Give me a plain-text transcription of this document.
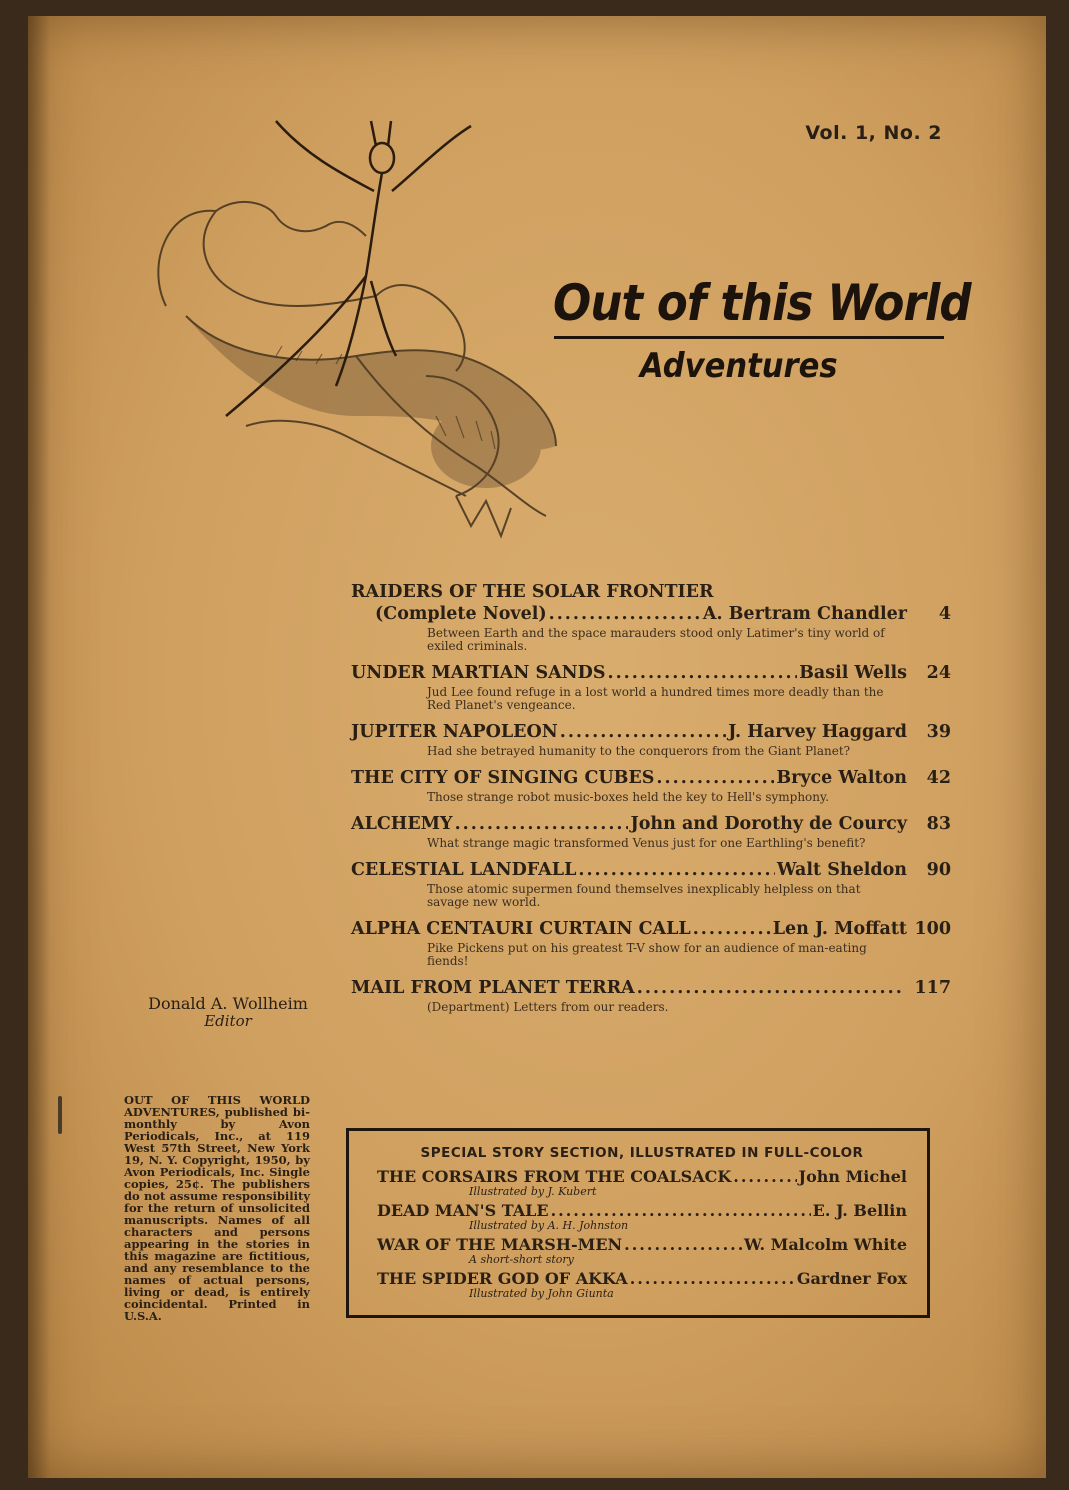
Vol. 1, No. 2
Out of this World
Adventures
RAIDERS OF THE SOLAR FRONTIER
(Complete Novel) .....	A. Bertram Chandler	4
Between Earth and the space marauders stood only Latimer's tiny world of exiled criminals.
UNDER MARTIAN SANDS .....	Basil Wells	24
Jud Lee found refuge in a lost world a hundred times more deadly than the Red Planet's vengeance.
JUPITER NAPOLEON .....	J. Harvey Haggard	39
Had she betrayed humanity to the conquerors from the Giant Planet?
THE CITY OF SINGING CUBES .....	Bryce Walton	42
Those strange robot music-boxes held the key to Hell's symphony.
ALCHEMY .....	John and Dorothy de Courcy	83
What strange magic transformed Venus just for one Earthling's benefit?
CELESTIAL LANDFALL .....	Walt Sheldon	90
Those atomic supermen found themselves inexplicably helpless on that savage new world.
ALPHA CENTAURI CURTAIN CALL .....	Len J. Moffatt 100
Pike Pickens put on his greatest T-V show for an audience of man-eating fiends!
MAIL FROM PLANET TERRA .....	117
(Department) Letters from our readers.
Donald A. Wollheim
Editor
OUT OF THIS WORLD ADVENTURES, published bi-monthly by Avon Periodicals, Inc., at 119 West 57th Street, New York 19, N. Y. Copyright, 1950, by Avon Periodicals, Inc. Single copies, 25¢. The publishers do not assume responsibility for the return of unsolicited manuscripts. Names of all characters and persons appearing in the stories in this magazine are fictitious, and any resemblance to the names of actual persons, living or dead, is entirely coincidental. Printed in U.S.A.
SPECIAL STORY SECTION, ILLUSTRATED IN FULL-COLOR
THE CORSAIRS FROM THE COALSACK .....	John Michel
Illustrated by J. Kubert
DEAD MAN'S TALE .....	E. J. Bellin
Illustrated by A. H. Johnston
WAR OF THE MARSH-MEN .....	W. Malcolm White
A short-short story
THE SPIDER GOD OF AKKA .....	Gardner Fox
Illustrated by John Giunta
